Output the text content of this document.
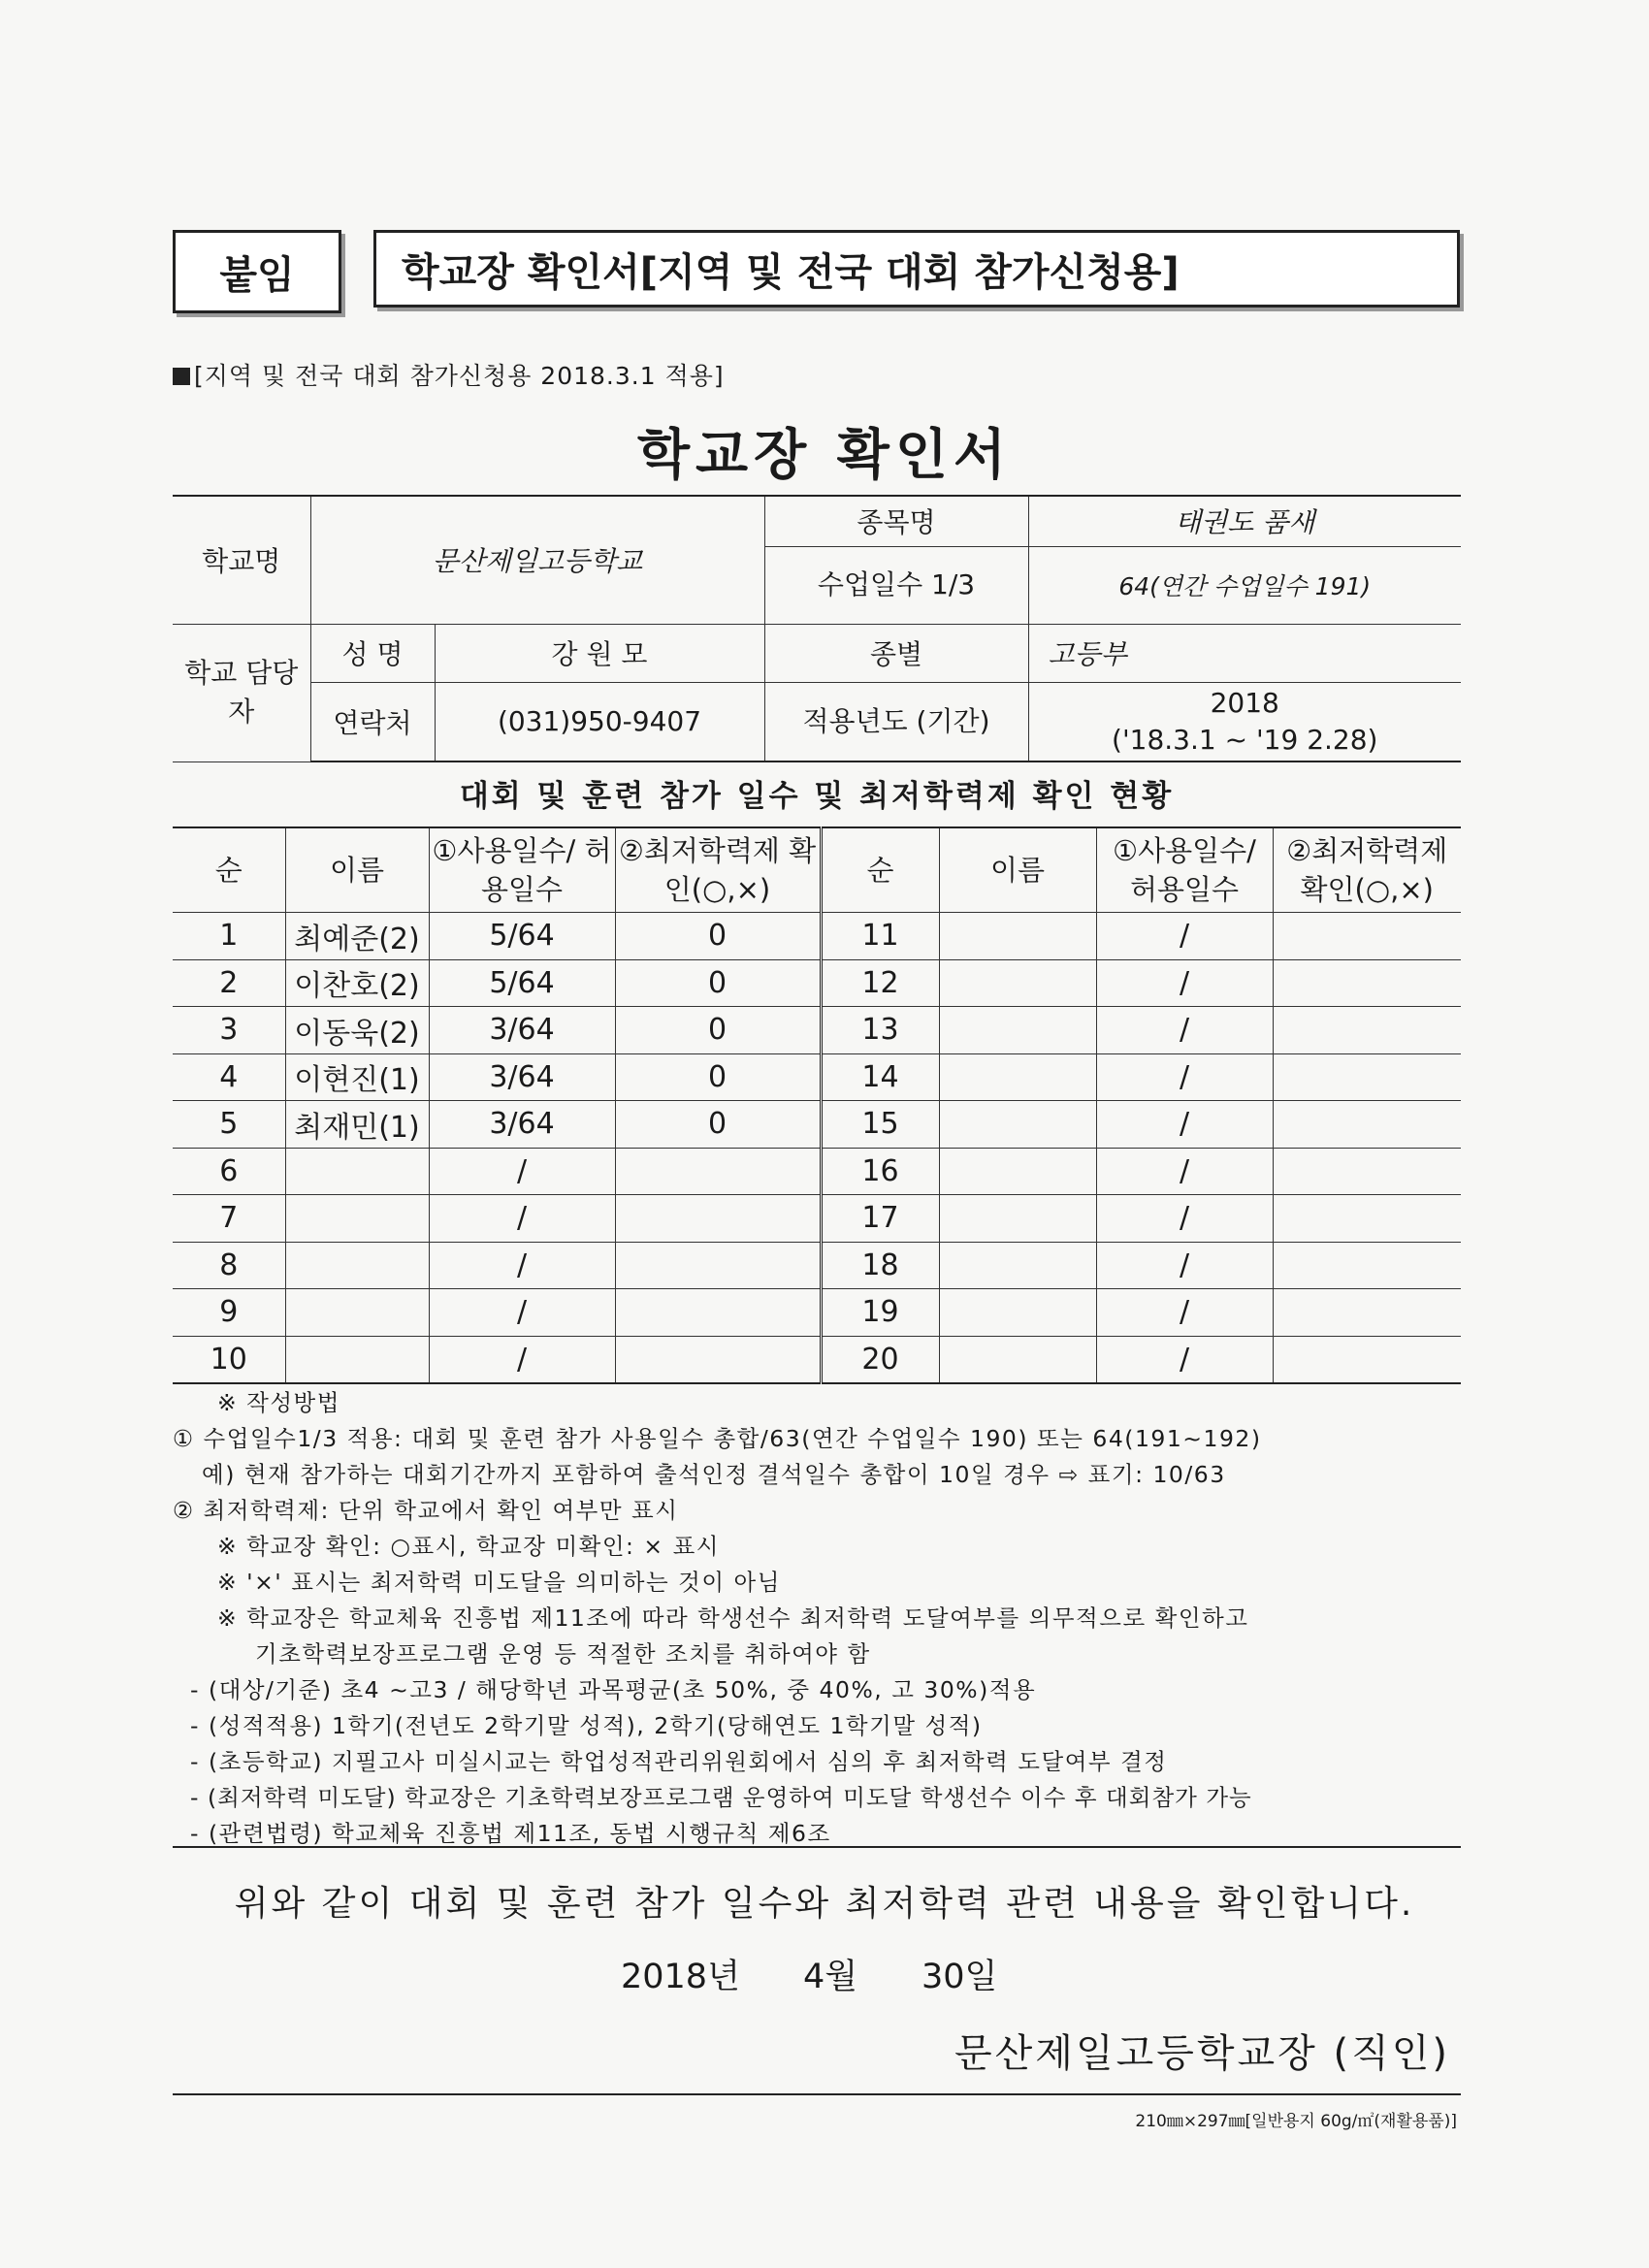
붙임	학교장 확인서[지역 및 전국 대회 참가신청용]
[지역 및 전국 대회 참가신청용 2018.3.1 적용]
학교장 확인서
학교명	문산제일고등학교		종목명	태권도 품새
			수업일수 1/3	64(연간 수업일수 191)
학교 담당자	성 명	강 원 모	종별	고등부
	연락처	(031)950-9407	적용년도 (기간)	2018
('18.3.1 ~ '19 2.28)
대회 및 훈련 참가 일수 및 최저학력제 확인 현황
순	이름	①사용일수/ 허용일수	②최저학력제 확인(○,×)	순	이름	①사용일수/ 허용일수	②최저학력제 확인(○,×)
1	최예준(2)	5/64	0	11		/	
2	이찬호(2)	5/64	0	12		/	
3	이동욱(2)	3/64	0	13		/	
4	이현진(1)	3/64	0	14		/	
5	최재민(1)	3/64	0	15		/	
6		/		16		/	
7		/		17		/	
8		/		18		/	
9		/		19		/	
10		/		20		/	
※ 작성방법
① 수업일수1/3 적용: 대회 및 훈련 참가 사용일수 총합/63(연간 수업일수 190) 또는 64(191~192)
예) 현재 참가하는 대회기간까지 포함하여 출석인정 결석일수 총합이 10일 경우 ⇨ 표기: 10/63
② 최저학력제: 단위 학교에서 확인 여부만 표시
※ 학교장 확인: ○표시, 학교장 미확인: × 표시
※ '×' 표시는 최저학력 미도달을 의미하는 것이 아님
※ 학교장은 학교체육 진흥법 제11조에 따라 학생선수 최저학력 도달여부를 의무적으로 확인하고
기초학력보장프로그램 운영 등 적절한 조치를 취하여야 함
- (대상/기준) 초4 ~고3 / 해당학년 과목평균(초 50%, 중 40%, 고 30%)적용
- (성적적용) 1학기(전년도 2학기말 성적), 2학기(당해연도 1학기말 성적)
- (초등학교) 지필고사 미실시교는 학업성적관리위원회에서 심의 후 최저학력 도달여부 결정
- (최저학력 미도달) 학교장은 기초학력보장프로그램 운영하여 미도달 학생선수 이수 후 대회참가 가능
- (관련법령) 학교체육 진흥법 제11조, 동법 시행규칙 제6조
위와 같이 대회 및 훈련 참가 일수와 최저학력 관련 내용을 확인합니다.
2018년 4월 30일
문산제일고등학교장 (직인)
210㎜×297㎜[일반용지 60g/㎡(재활용품)]
